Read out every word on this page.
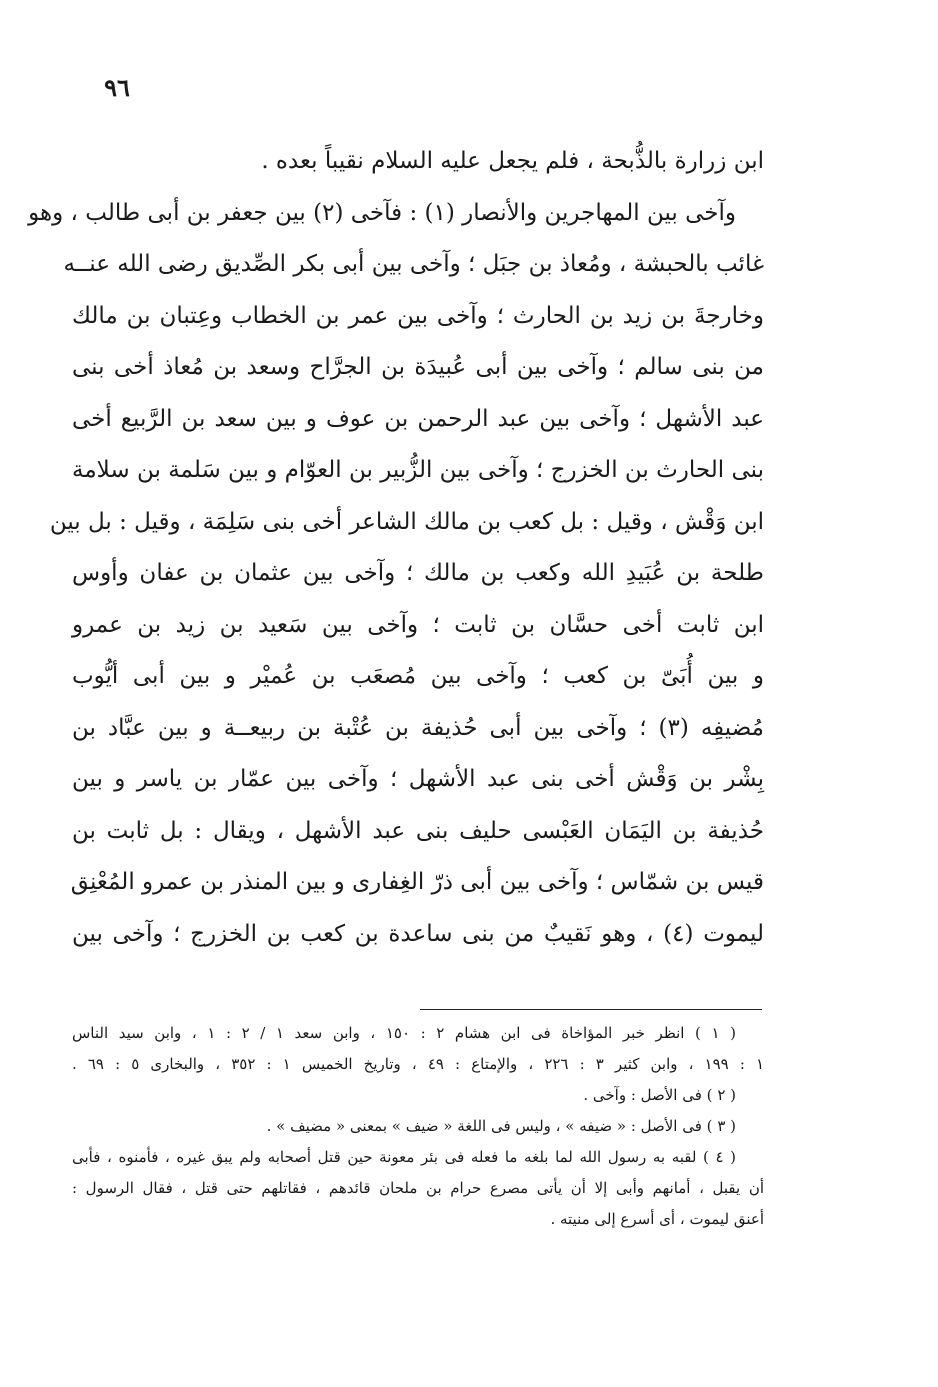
٩٦
ابن زرارة بالذُّبحة ، فلم يجعل عليه السلام نقيباً بعده .
وآخى بين المهاجرين والأنصار (١) : فآخى (٢) بين جعفر بن أبى طالب ، وهو
غائب بالحبشة ، ومُعاذ بن جبَل ؛ وآخى بين أبى بكر الصِّديق رضى الله عنــه
وخارجةَ بن زيد بن الحارث ؛ وآخى بين عمر بن الخطاب وعِتبان بن مالك
من بنى سالم ؛ وآخى بين أبى عُبيدَة بن الجرَّاح وسعد بن مُعاذ أخى بنى
عبد الأشهل ؛ وآخى بين عبد الرحمن بن عوف و بين سعد بن الرَّبيع أخى
بنى الحارث بن الخزرج ؛ وآخى بين الزُّبير بن العوّام و بين سَلمة بن سلامة
ابن وَقْش ، وقيل : بل كعب بن مالك الشاعر أخى بنى سَلِمَة ، وقيل : بل بين
طلحة بن عُبَيدِ الله وكعب بن مالك ؛ وآخى بين عثمان بن عفان وأوس
ابن ثابت أخى حسَّان بن ثابت ؛ وآخى بين سَعيد بن زيد بن عمرو
و بين أُبَىّ بن كعب ؛ وآخى بين مُصعَب بن عُميْر و بين أبى أيُّوب
مُضيفِه (٣) ؛ وآخى بين أبى حُذيفة بن عُتْبة بن ربيعــة و بين عبَّاد بن
بِشْر بن وَقْش أخى بنى عبد الأشهل ؛ وآخى بين عمّار بن ياسر و بين
حُذيفة بن اليَمَان العَبْسى حليف بنى عبد الأشهل ، ويقال : بل ثابت بن
قيس بن شمّاس ؛ وآخى بين أبى ذرّ الغِفارى و بين المنذر بن عمرو المُعْنِق
ليموت (٤) ، وهو نَقيبٌ من بنى ساعدة بن كعب بن الخزرج ؛ وآخى بين
( ١ ) انظر خبر المؤاخاة فى ابن هشام ٢ : ١٥٠ ، وابن سعد ١ / ٢ : ١ ، وابن سيد الناس
١ : ١٩٩ ، وابن كثير ٣ : ٢٢٦ ، والإمتاع : ٤٩ ، وتاريخ الخميس ١ : ٣٥٢ ، والبخارى ٥ : ٦٩ .
( ٢ ) فى الأصل : وآخى .
( ٣ ) فى الأصل : « ضيفه » ، وليس فى اللغة « ضيف » بمعنى « مضيف » .
( ٤ ) لقبه به رسول الله لما بلغه ما فعله فى بئر معونة حين قتل أصحابه ولم يبق غيره ، فأمنوه ، فأبى
أن يقبل ، أمانهم وأبى إلا أن يأتى مصرع حرام بن ملحان قائدهم ، فقاتلهم حتى قتل ، فقال الرسول :
أعنق ليموت ، أى أسرع إلى منيته .
